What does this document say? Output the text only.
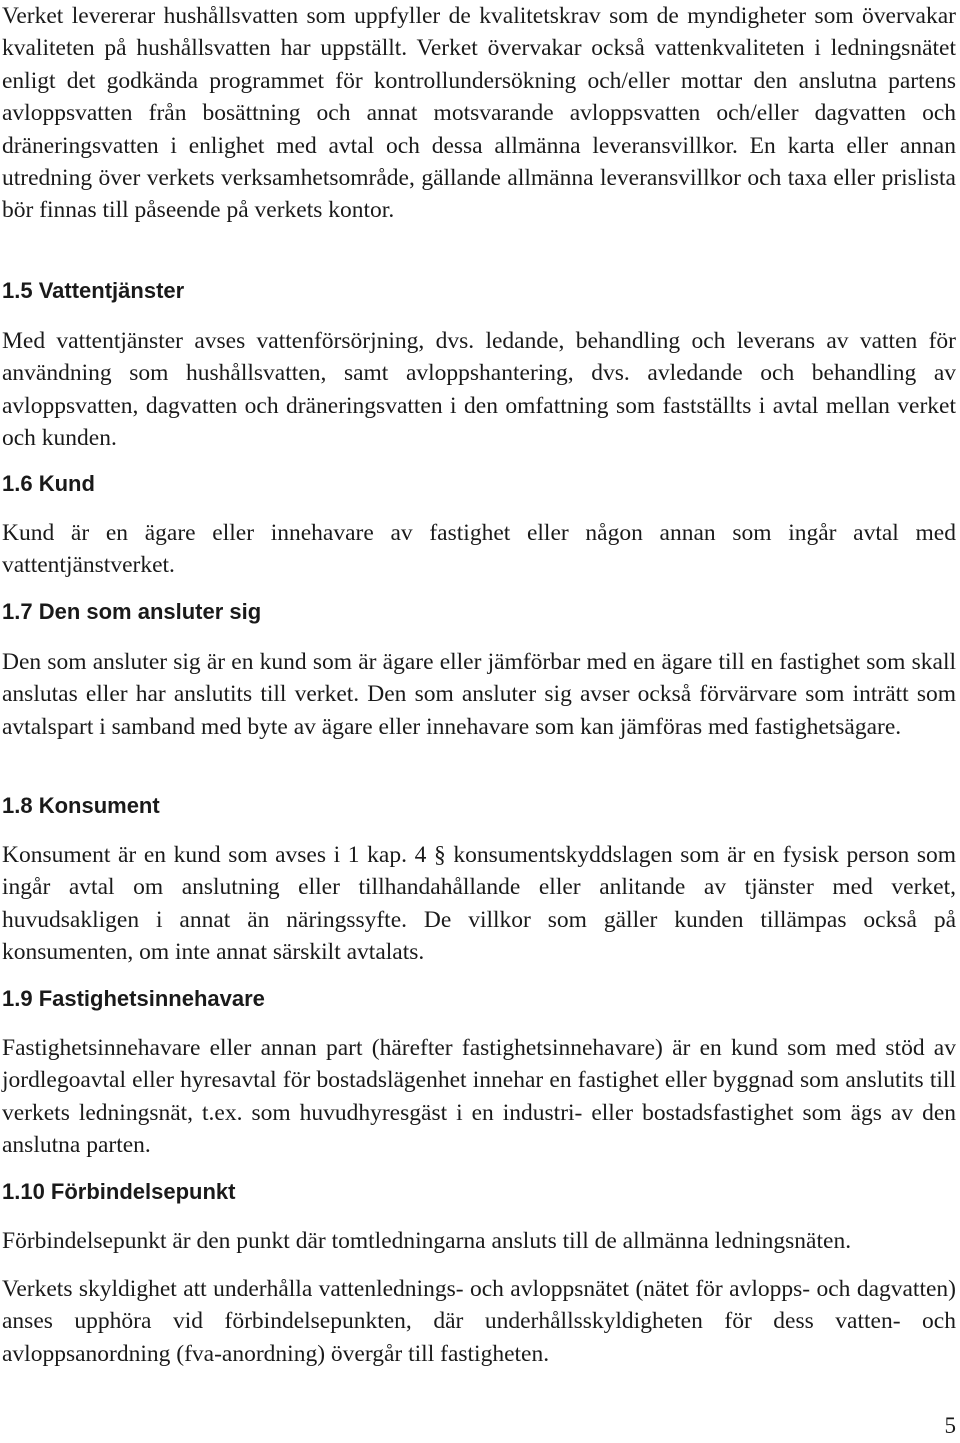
Verket levererar hushållsvatten som uppfyller de kvalitetskrav som de myndigheter som övervakar kvaliteten på hushållsvatten har uppställt. Verket övervakar också vattenkvaliteten i ledningsnätet enligt det godkända programmet för kontrollundersökning och/eller mottar den anslutna partens avloppsvatten från bosättning och annat motsvarande avloppsvatten och/eller dagvatten och dräneringsvatten i enlighet med avtal och dessa allmänna leveransvillkor. En karta eller annan utredning över verkets verksamhetsområde, gällande allmänna leveransvillkor och taxa eller prislista bör finnas till påseende på verkets kontor.

1.5 Vattentjänster

Med vattentjänster avses vattenförsörjning, dvs. ledande, behandling och leverans av vatten för användning som hushållsvatten, samt avloppshantering, dvs. avledande och behandling av avloppsvatten, dagvatten och dräneringsvatten i den omfattning som fastställts i avtal mellan verket och kunden.

1.6 Kund

Kund är en ägare eller innehavare av fastighet eller någon annan som ingår avtal med vattentjänstverket.

1.7 Den som ansluter sig

Den som ansluter sig är en kund som är ägare eller jämförbar med en ägare till en fastighet som skall anslutas eller har anslutits till verket. Den som ansluter sig avser också förvärvare som inträtt som avtalspart i samband med byte av ägare eller innehavare som kan jämföras med fastighetsägare.

1.8 Konsument

Konsument är en kund som avses i 1 kap. 4 § konsumentskyddslagen som är en fysisk person som ingår avtal om anslutning eller tillhandahållande eller anlitande av tjänster med verket, huvudsakligen i annat än näringssyfte. De villkor som gäller kunden tillämpas också på konsumenten, om inte annat särskilt avtalats.

1.9 Fastighetsinnehavare

Fastighetsinnehavare eller annan part (härefter fastighetsinnehavare) är en kund som med stöd av jordlegoavtal eller hyresavtal för bostadslägenhet innehar en fastighet eller byggnad som anslutits till verkets ledningsnät, t.ex. som huvudhyresgäst i en industri- eller bostadsfastighet som ägs av den anslutna parten.

1.10 Förbindelsepunkt

Förbindelsepunkt är den punkt där tomtledningarna ansluts till de allmänna ledningsnäten.

Verkets skyldighet att underhålla vattenlednings- och avloppsnätet (nätet för avlopps- och dagvatten) anses upphöra vid förbindelsepunkten, där underhållsskyldigheten för dess vatten- och avloppsanordning (fva-anordning) övergår till fastigheten.

5
